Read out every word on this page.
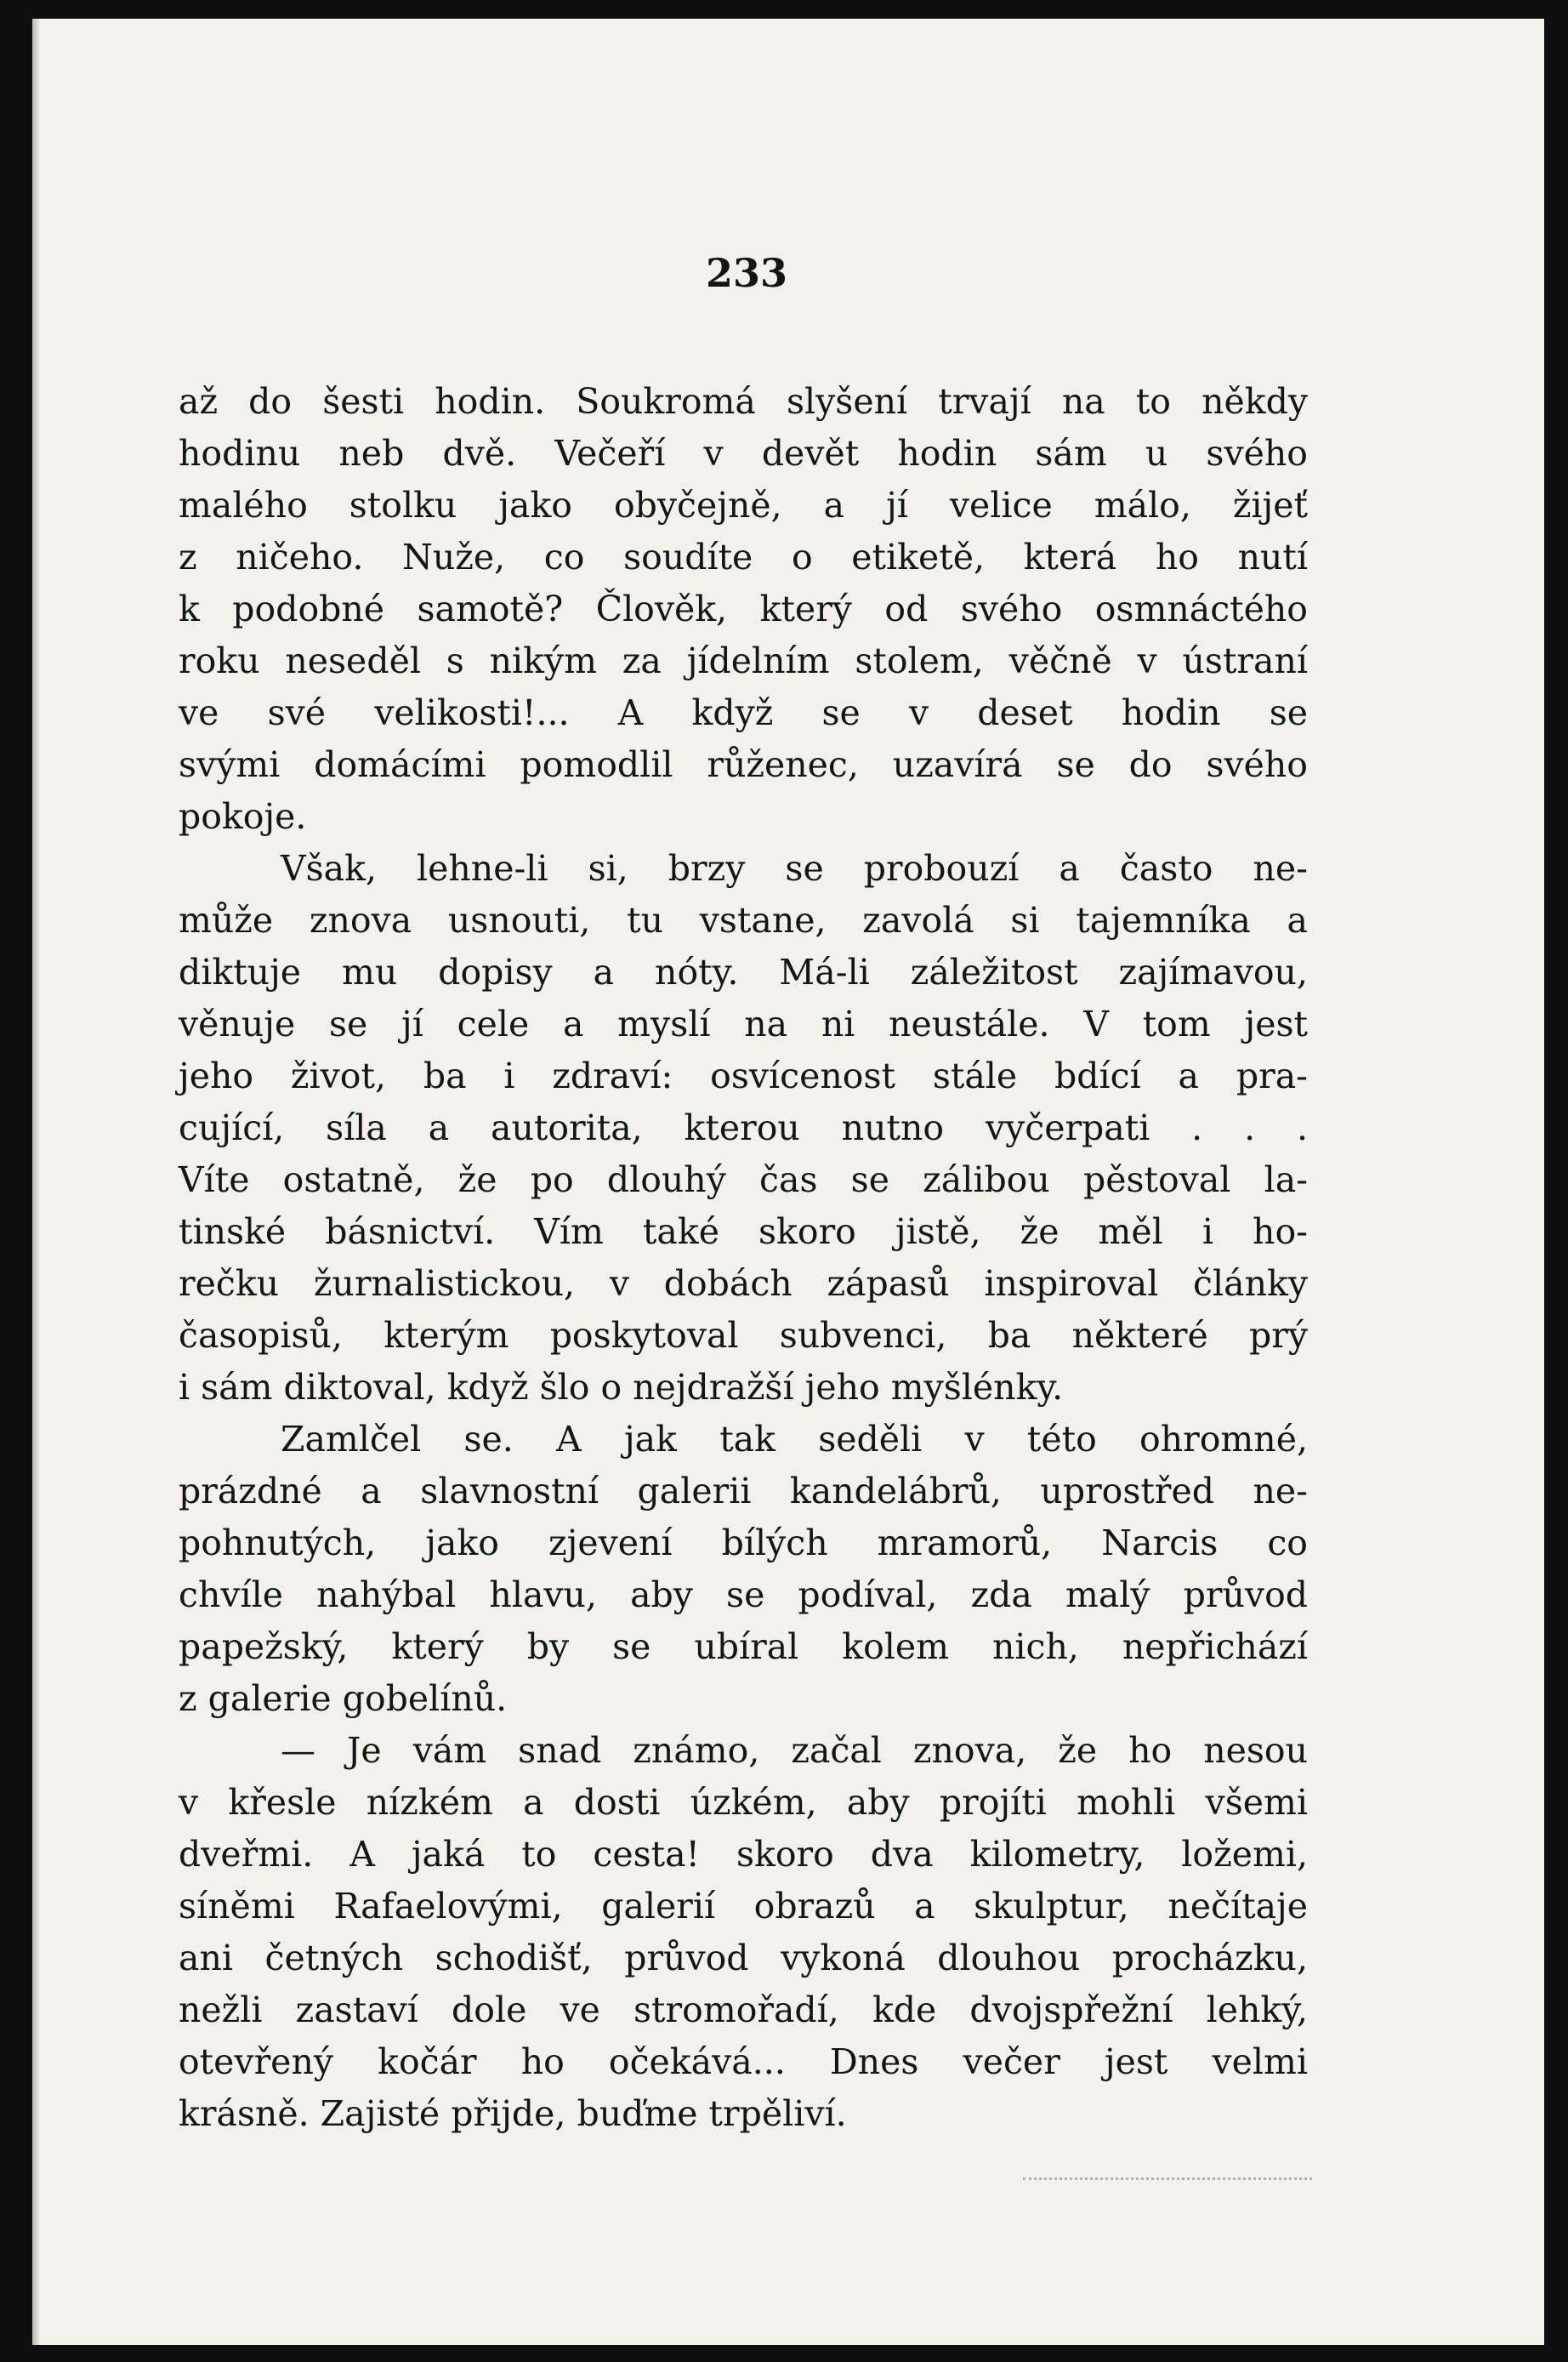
233
až do šesti hodin. Soukromá slyšení trvají na to někdy
hodinu neb dvě. Večeří v devět hodin sám u svého
malého stolku jako obyčejně, a jí velice málo, žijeť
z ničeho. Nuže, co soudíte o etiketě, která ho nutí
k podobné samotě? Člověk, který od svého osmnáctého
roku neseděl s nikým za jídelním stolem, věčně v ústraní
ve své velikosti!... A když se v deset hodin se
svými domácími pomodlil růženec, uzavírá se do svého
pokoje.
Však, lehne-li si, brzy se probouzí a často ne-
může znova usnouti, tu vstane, zavolá si tajemníka a
diktuje mu dopisy a nóty. Má-li záležitost zajímavou,
věnuje se jí cele a myslí na ni neustále. V tom jest
jeho život, ba i zdraví: osvícenost stále bdící a pra-
cující, síla a autorita, kterou nutno vyčerpati . . .
Víte ostatně, že po dlouhý čas se zálibou pěstoval la-
tinské básnictví. Vím také skoro jistě, že měl i ho-
rečku žurnalistickou, v dobách zápasů inspiroval články
časopisů, kterým poskytoval subvenci, ba některé prý
i sám diktoval, když šlo o nejdražší jeho myšlénky.
Zamlčel se. A jak tak seděli v této ohromné,
prázdné a slavnostní galerii kandelábrů, uprostřed ne-
pohnutých, jako zjevení bílých mramorů, Narcis co
chvíle nahýbal hlavu, aby se podíval, zda malý průvod
papežský, který by se ubíral kolem nich, nepřichází
z galerie gobelínů.
— Je vám snad známo, začal znova, že ho nesou
v křesle nízkém a dosti úzkém, aby projíti mohli všemi
dveřmi. A jaká to cesta! skoro dva kilometry, ložemi,
síněmi Rafaelovými, galerií obrazů a skulptur, nečítaje
ani četných schodišť, průvod vykoná dlouhou procházku,
nežli zastaví dole ve stromořadí, kde dvojspřežní lehký,
otevřený kočár ho očekává... Dnes večer jest velmi
krásně. Zajisté přijde, buďme trpěliví.
